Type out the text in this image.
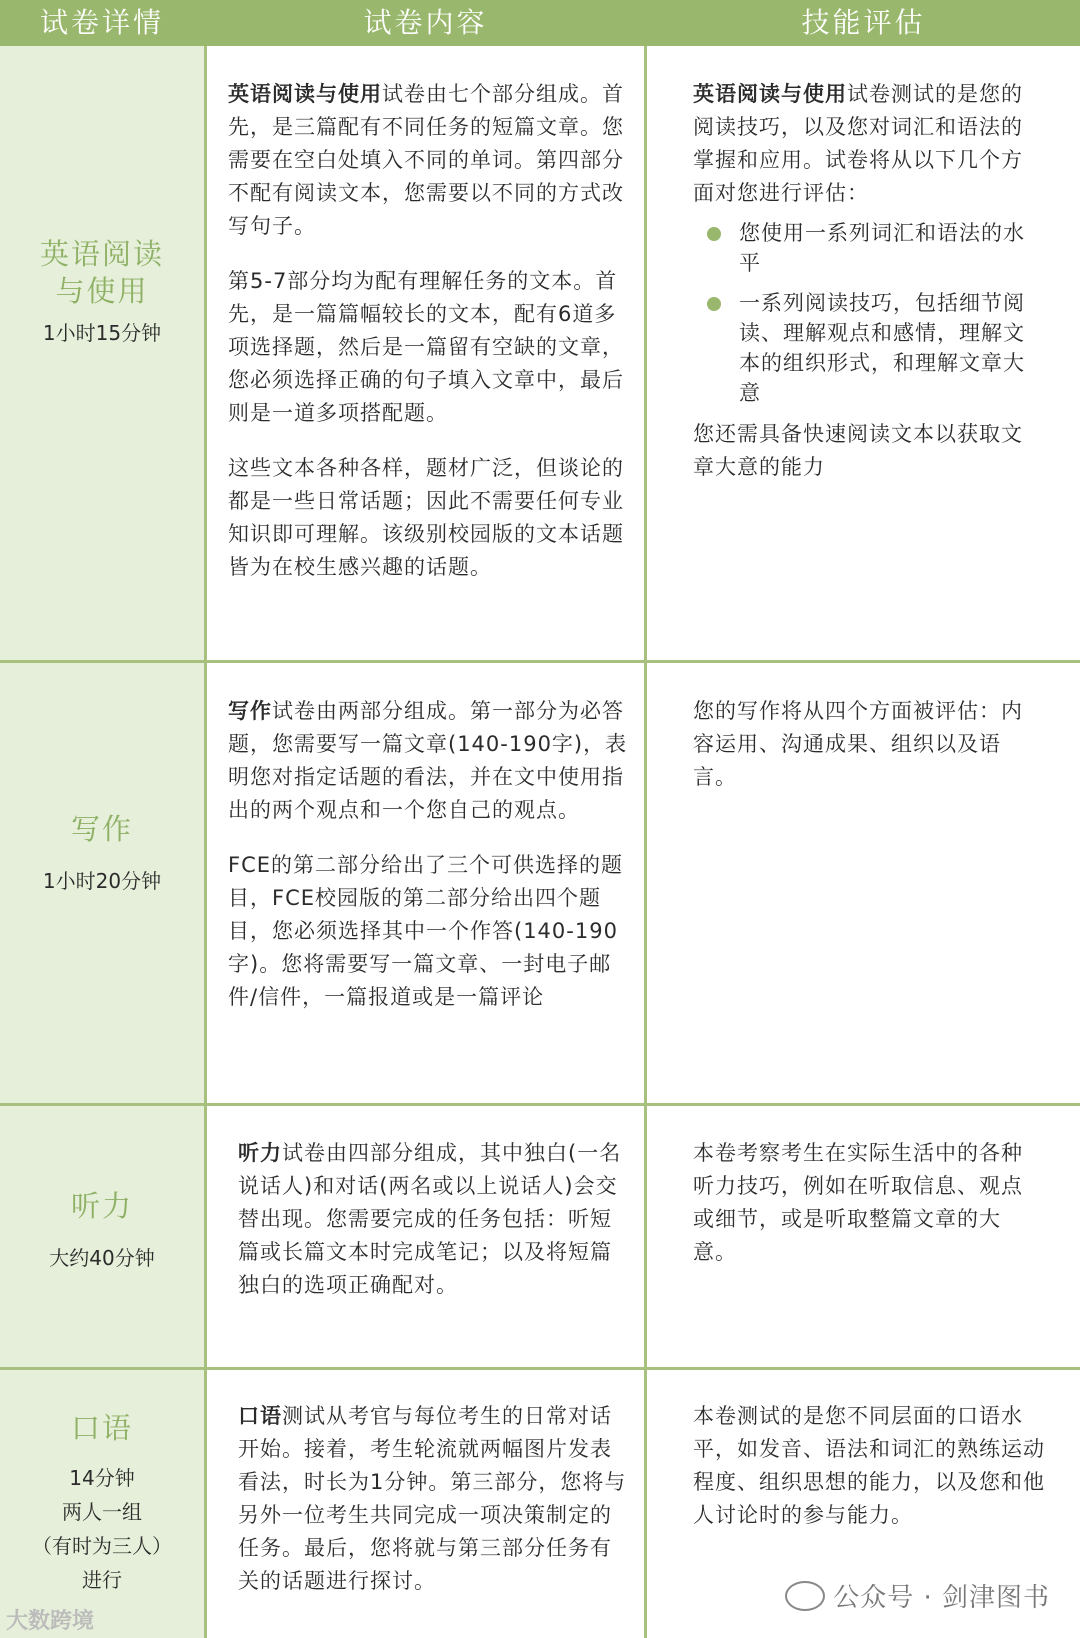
试卷详情	试卷内容	技能评估
英语阅读
与使用
1小时15分钟

英语阅读与使用试卷由七个部分组成。首先，是三篇配有不同任务的短篇文章。您需要在空白处填入不同的单词。第四部分不配有阅读文本，您需要以不同的方式改写句子。

第5-7部分均为配有理解任务的文本。首先，是一篇篇幅较长的文本，配有6道多项选择题，然后是一篇留有空缺的文章，您必须选择正确的句子填入文章中，最后则是一道多项搭配题。

这些文本各种各样，题材广泛，但谈论的都是一些日常话题；因此不需要任何专业知识即可理解。该级别校园版的文本话题皆为在校生感兴趣的话题。

英语阅读与使用试卷测试的是您的阅读技巧，以及您对词汇和语法的掌握和应用。试卷将从以下几个方面对您进行评估：

您使用一系列词汇和语法的水平
一系列阅读技巧，包括细节阅读、理解观点和感情，理解文本的组织形式，和理解文章大意

您还需具备快速阅读文本以获取文章大意的能力

写作
1小时20分钟

写作试卷由两部分组成。第一部分为必答题，您需要写一篇文章(140-190字)，表明您对指定话题的看法，并在文中使用指出的两个观点和一个您自己的观点。

FCE的第二部分给出了三个可供选择的题目，FCE校园版的第二部分给出四个题目，您必须选择其中一个作答(140-190字)。您将需要写一篇文章、一封电子邮件/信件，一篇报道或是一篇评论

您的写作将从四个方面被评估：内容运用、沟通成果、组织以及语言。

听力
大约40分钟

听力试卷由四部分组成，其中独白(一名说话人)和对话(两名或以上说话人)会交替出现。您需要完成的任务包括：听短篇或长篇文本时完成笔记；以及将短篇独白的选项正确配对。

本卷考察考生在实际生活中的各种听力技巧，例如在听取信息、观点或细节，或是听取整篇文章的大意。

口语
14分钟
两人一组
（有时为三人）
进行

口语测试从考官与每位考生的日常对话开始。接着，考生轮流就两幅图片发表看法，时长为1分钟。第三部分，您将与另外一位考生共同完成一项决策制定的任务。最后，您将就与第三部分任务有关的话题进行探讨。

本卷测试的是您不同层面的口语水平，如发音、语法和词汇的熟练运动程度、组织思想的能力，以及您和他人讨论时的参与能力。

公众号 · 剑津图书
大数跨境
